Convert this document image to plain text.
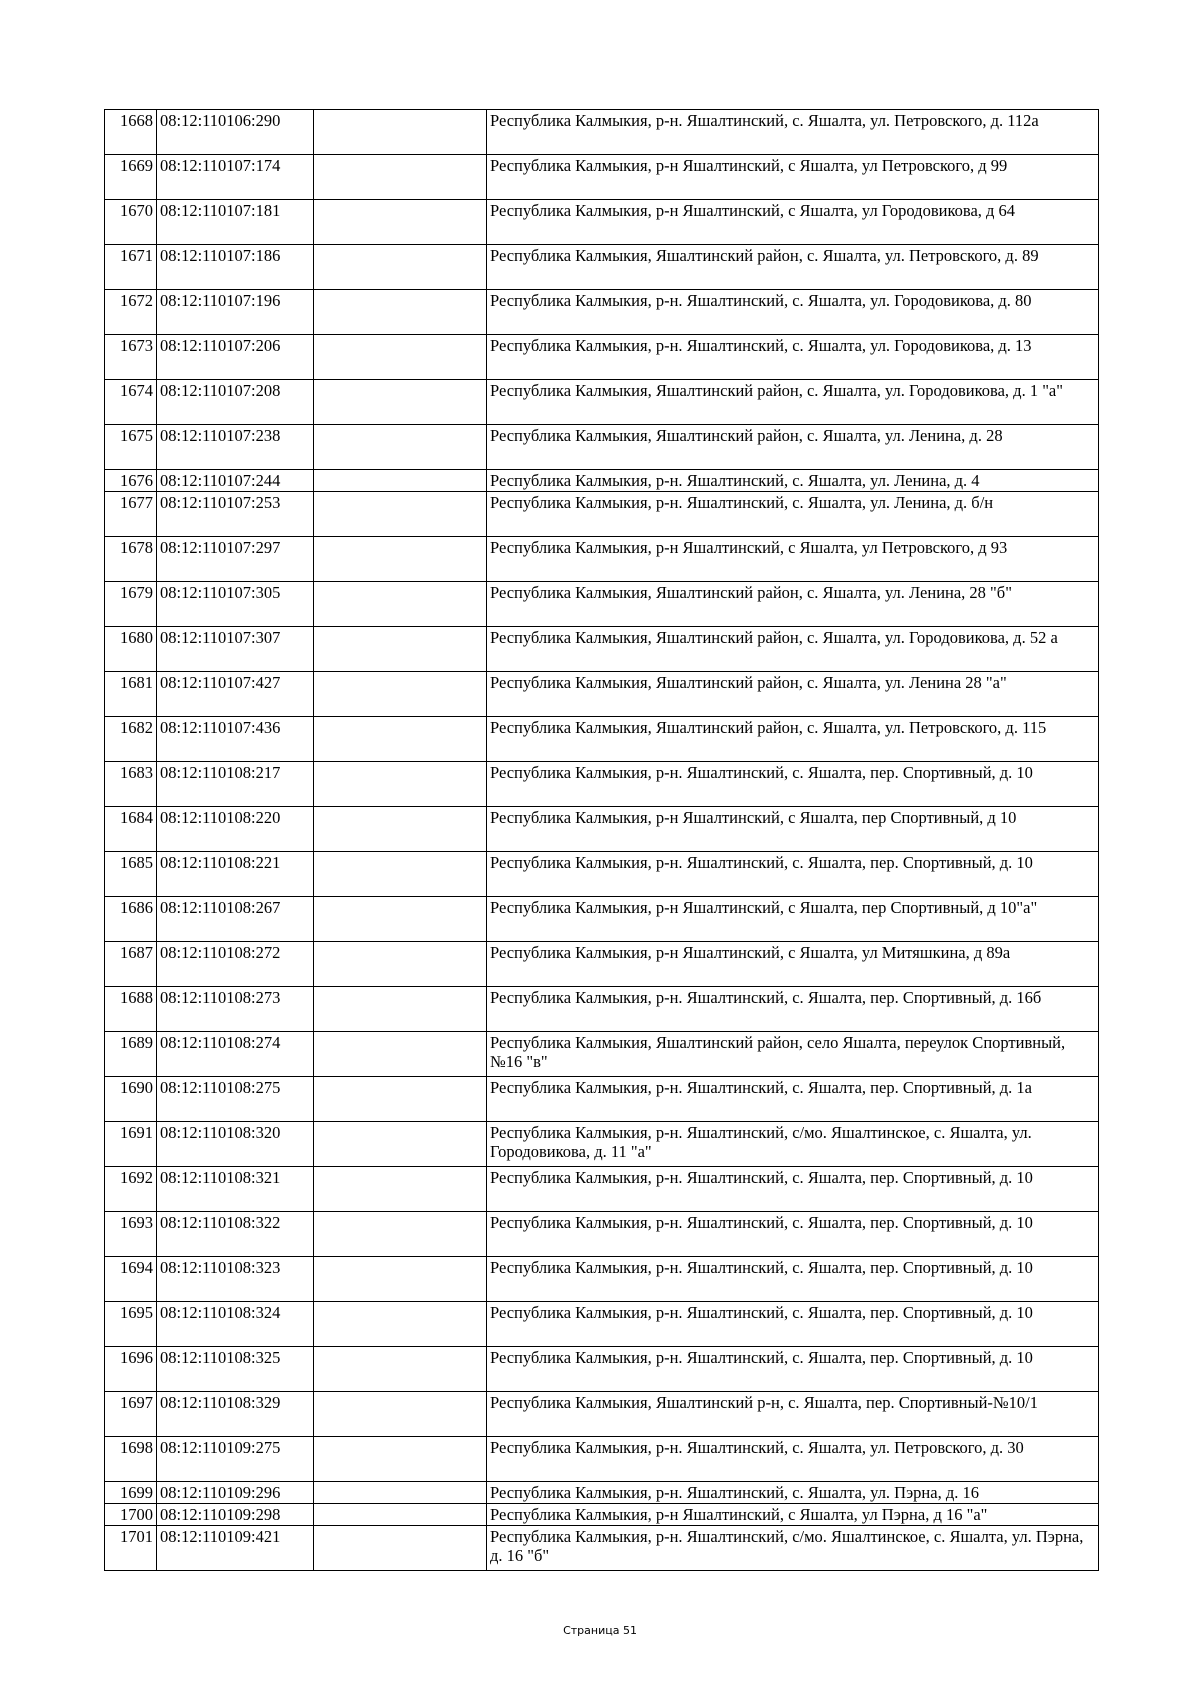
1668	08:12:110106:290		Республика Калмыкия, р-н. Яшалтинский, с. Яшалта, ул. Петровского, д. 112а
1669	08:12:110107:174		Республика Калмыкия, р-н Яшалтинский, с Яшалта, ул Петровского, д 99
1670	08:12:110107:181		Республика Калмыкия, р-н Яшалтинский, с Яшалта, ул Городовикова, д 64
1671	08:12:110107:186		Республика Калмыкия, Яшалтинский район, с. Яшалта, ул. Петровского, д. 89
1672	08:12:110107:196		Республика Калмыкия, р-н. Яшалтинский, с. Яшалта, ул. Городовикова, д. 80
1673	08:12:110107:206		Республика Калмыкия, р-н. Яшалтинский, с. Яшалта, ул. Городовикова, д. 13
1674	08:12:110107:208		Республика Калмыкия, Яшалтинский район, с. Яшалта, ул. Городовикова, д. 1 "а"
1675	08:12:110107:238		Республика Калмыкия, Яшалтинский район, с. Яшалта, ул. Ленина, д. 28
1676	08:12:110107:244		Республика Калмыкия, р-н. Яшалтинский, с. Яшалта, ул. Ленина, д. 4
1677	08:12:110107:253		Республика Калмыкия, р-н. Яшалтинский, с. Яшалта, ул. Ленина, д. б/н
1678	08:12:110107:297		Республика Калмыкия, р-н Яшалтинский, с Яшалта, ул Петровского, д 93
1679	08:12:110107:305		Республика Калмыкия, Яшалтинский район, с. Яшалта, ул. Ленина, 28 "б"
1680	08:12:110107:307		Республика Калмыкия, Яшалтинский район, с. Яшалта, ул. Городовикова, д. 52 а
1681	08:12:110107:427		Республика Калмыкия, Яшалтинский район, с. Яшалта, ул. Ленина 28 "а"
1682	08:12:110107:436		Республика Калмыкия, Яшалтинский район, с. Яшалта, ул. Петровского, д. 115
1683	08:12:110108:217		Республика Калмыкия, р-н. Яшалтинский, с. Яшалта, пер. Спортивный, д. 10
1684	08:12:110108:220		Республика Калмыкия, р-н Яшалтинский, с Яшалта, пер Спортивный, д 10
1685	08:12:110108:221		Республика Калмыкия, р-н. Яшалтинский, с. Яшалта, пер. Спортивный, д. 10
1686	08:12:110108:267		Республика Калмыкия, р-н Яшалтинский, с Яшалта, пер Спортивный, д 10"а"
1687	08:12:110108:272		Республика Калмыкия, р-н Яшалтинский, с Яшалта, ул Митяшкина, д 89а
1688	08:12:110108:273		Республика Калмыкия, р-н. Яшалтинский, с. Яшалта, пер. Спортивный, д. 16б
1689	08:12:110108:274		Республика Калмыкия, Яшалтинский район, село Яшалта, переулок Спортивный, №16 "в"
1690	08:12:110108:275		Республика Калмыкия, р-н. Яшалтинский, с. Яшалта, пер. Спортивный, д. 1а
1691	08:12:110108:320		Республика Калмыкия, р-н. Яшалтинский, с/мо. Яшалтинское, с. Яшалта, ул. Городовикова, д. 11 "а"
1692	08:12:110108:321		Республика Калмыкия, р-н. Яшалтинский, с. Яшалта, пер. Спортивный, д. 10
1693	08:12:110108:322		Республика Калмыкия, р-н. Яшалтинский, с. Яшалта, пер. Спортивный, д. 10
1694	08:12:110108:323		Республика Калмыкия, р-н. Яшалтинский, с. Яшалта, пер. Спортивный, д. 10
1695	08:12:110108:324		Республика Калмыкия, р-н. Яшалтинский, с. Яшалта, пер. Спортивный, д. 10
1696	08:12:110108:325		Республика Калмыкия, р-н. Яшалтинский, с. Яшалта, пер. Спортивный, д. 10
1697	08:12:110108:329		Республика Калмыкия, Яшалтинский р-н, с. Яшалта, пер. Спортивный-№10/1
1698	08:12:110109:275		Республика Калмыкия, р-н. Яшалтинский, с. Яшалта, ул. Петровского, д. 30
1699	08:12:110109:296		Республика Калмыкия, р-н. Яшалтинский, с. Яшалта, ул. Пэрна, д. 16
1700	08:12:110109:298		Республика Калмыкия, р-н Яшалтинский, с Яшалта, ул Пэрна, д 16 "а"
1701	08:12:110109:421		Республика Калмыкия, р-н. Яшалтинский, с/мо. Яшалтинское, с. Яшалта, ул. Пэрна, д. 16 "б"
Страница 51
